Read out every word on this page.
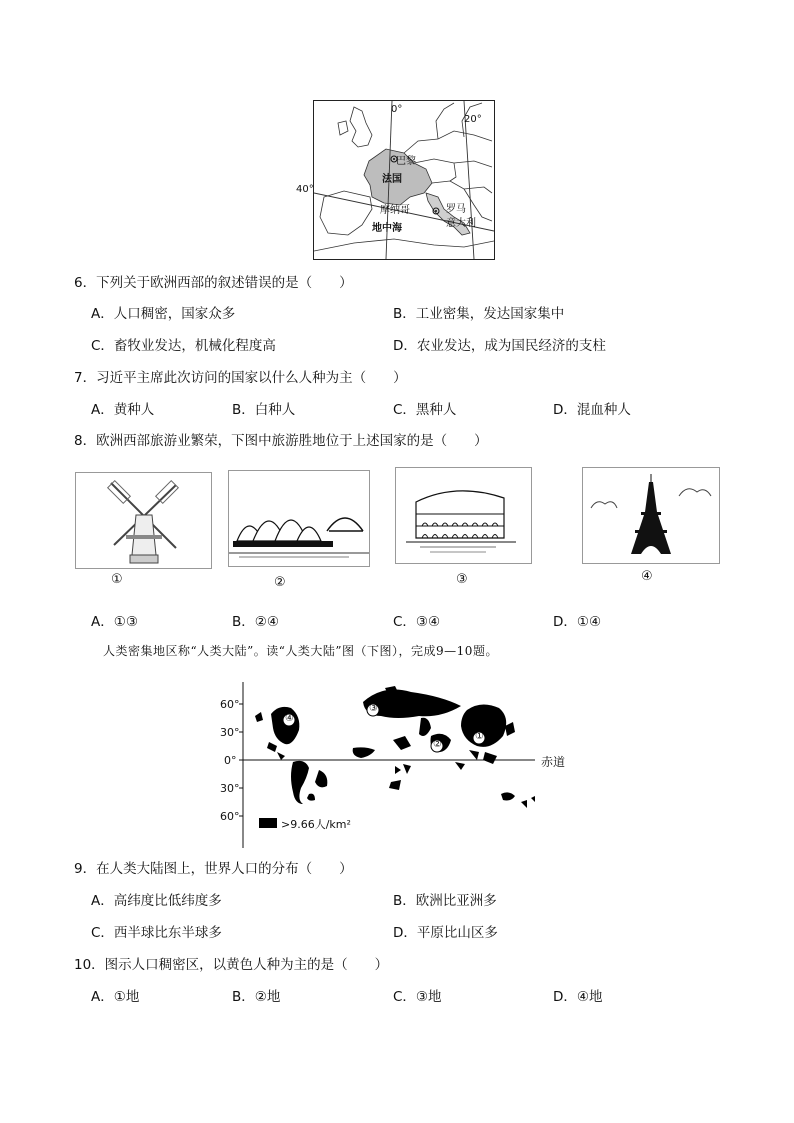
0°
20°
40°
巴黎
法国
摩纳哥	罗马
意大利
地中海
6．下列关于欧洲西部的叙述错误的是（　　）
A．人口稠密，国家众多	B．工业密集，发达国家集中
C．畜牧业发达，机械化程度高	D．农业发达，成为国民经济的支柱
7．习近平主席此次访问的国家以什么人种为主（　　）
A．黄种人	B．白种人	C．黑种人	D．混血种人
8．欧洲西部旅游业繁荣，下图中旅游胜地位于上述国家的是（　　）
①	②	③	④
A．①③	B．②④	C．③④	D．①④
人类密集地区称“人类大陆”。读“人类大陆”图（下图），完成9—10题。
①
②
③
④
60°
30°
0°
30°
60°
赤道
>9.66人/km²
9．在人类大陆图上，世界人口的分布（　　）
A．高纬度比低纬度多	B．欧洲比亚洲多
C．西半球比东半球多	D．平原比山区多
10．图示人口稠密区，以黄色人种为主的是（　　）
A．①地	B．②地	C．③地	D．④地
